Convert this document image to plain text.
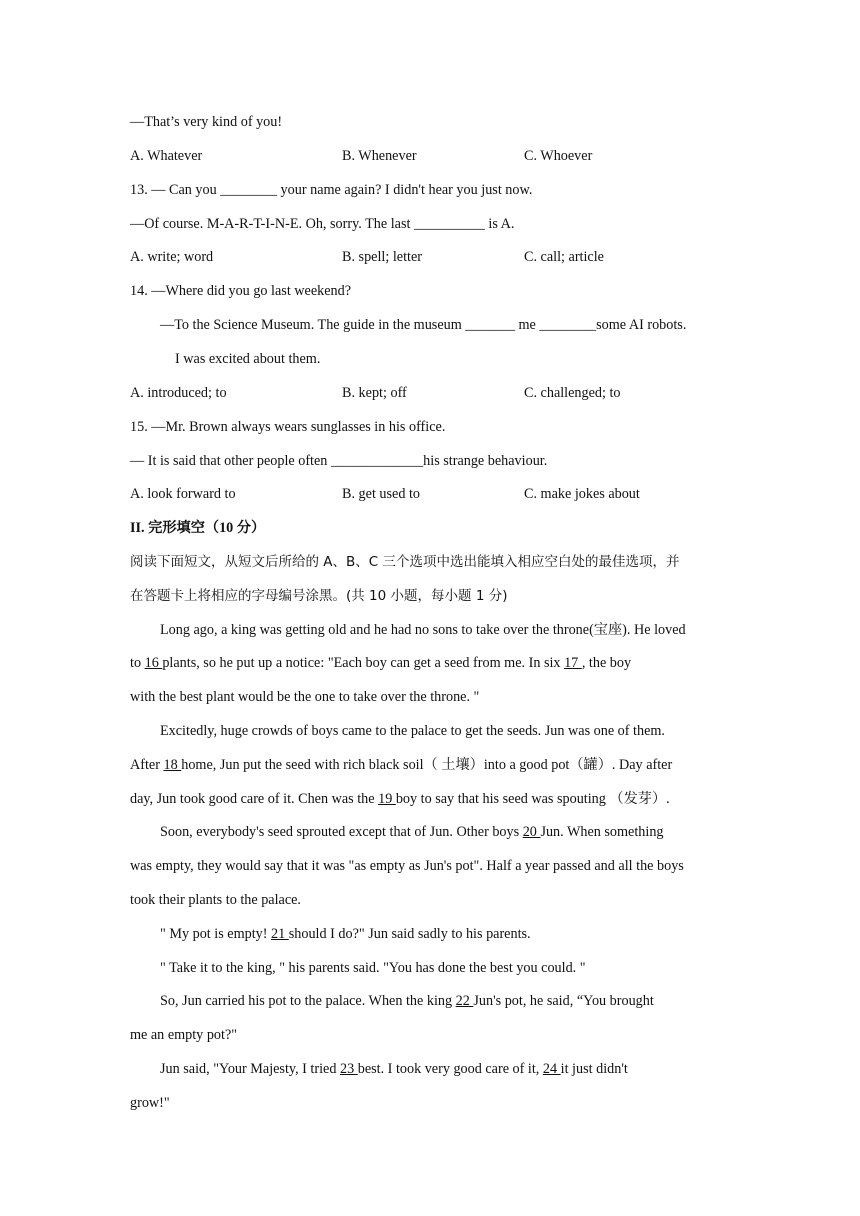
—That’s very kind of you!
A. Whatever	B. Whenever	C. Whoever
13. — Can you ________ your name again? I didn't hear you just now.
—Of course. M-A-R-T-I-N-E. Oh, sorry. The last __________ is A.
A. write; word	B. spell; letter	C. call; article
14. —Where did you go last weekend?
—To the Science Museum. The guide in the museum _______ me ________some AI robots.
I was excited about them.
A. introduced; to	B. kept; off	C. challenged; to
15. —Mr. Brown always wears sunglasses in his office.
— It is said that other people often _____________his strange behaviour.
A. look forward to	B. get used to	C. make jokes about
II. 完形填空（10 分）
阅读下面短文，从短文后所给的 A、B、C 三个选项中选出能填入相应空白处的最佳选项，并
在答题卡上将相应的字母编号涂黑。(共 10 小题，每小题 1 分)
Long ago, a king was getting old and he had no sons to take over the throne(宝座). He loved
to 16 plants, so he put up a notice: "Each boy can get a seed from me. In six 17 , the boy
with the best plant would be the one to take over the throne. "
Excitedly, huge crowds of boys came to the palace to get the seeds. Jun was one of them.
After 18 home, Jun put the seed with rich black soil（ 土壤）into a good pot（罐）. Day after
day, Jun took good care of it. Chen was the 19 boy to say that his seed was spouting （发芽）.
Soon, everybody's seed sprouted except that of Jun. Other boys 20 Jun. When something
was empty, they would say that it was "as empty as Jun's pot". Half a year passed and all the boys
took their plants to the palace.
" My pot is empty! 21 should I do?" Jun said sadly to his parents.
" Take it to the king, " his parents said. "You has done the best you could. "
So, Jun carried his pot to the palace. When the king 22 Jun's pot, he said, “You brought
me an empty pot?"
Jun said, "Your Majesty, I tried 23 best. I took very good care of it, 24 it just didn't
grow!"
